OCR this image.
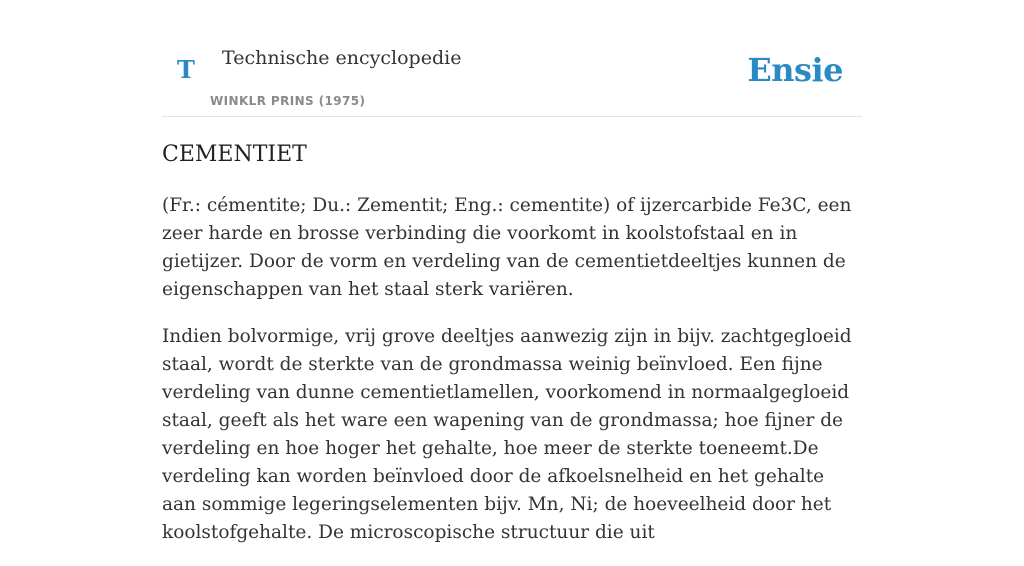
T Technische encyclopedie
WINKLR PRINS (1975)
Ensie
CEMENTIET

(Fr.: cémentite; Du.: Zementit; Eng.: cementite) of ijzercarbide Fe3C, een zeer harde en brosse verbinding die voorkomt in koolstofstaal en in gietijzer. Door de vorm en verdeling van de cementietdeeltjes kunnen de eigenschappen van het staal sterk variëren.

Indien bolvormige, vrij grove deeltjes aanwezig zijn in bijv. zachtgegloeid staal, wordt de sterkte van de grondmassa weinig beïnvloed. Een fijne verdeling van dunne cementietlamellen, voorkomend in normaalgegloeid staal, geeft als het ware een wapening van de grondmassa; hoe fijner de verdeling en hoe hoger het gehalte, hoe meer de sterkte toeneemt.De verdeling kan worden beïnvloed door de afkoelsnelheid en het gehalte aan sommige legeringselementen bijv. Mn, Ni; de hoeveelheid door het koolstofgehalte. De microscopische structuur die uit
